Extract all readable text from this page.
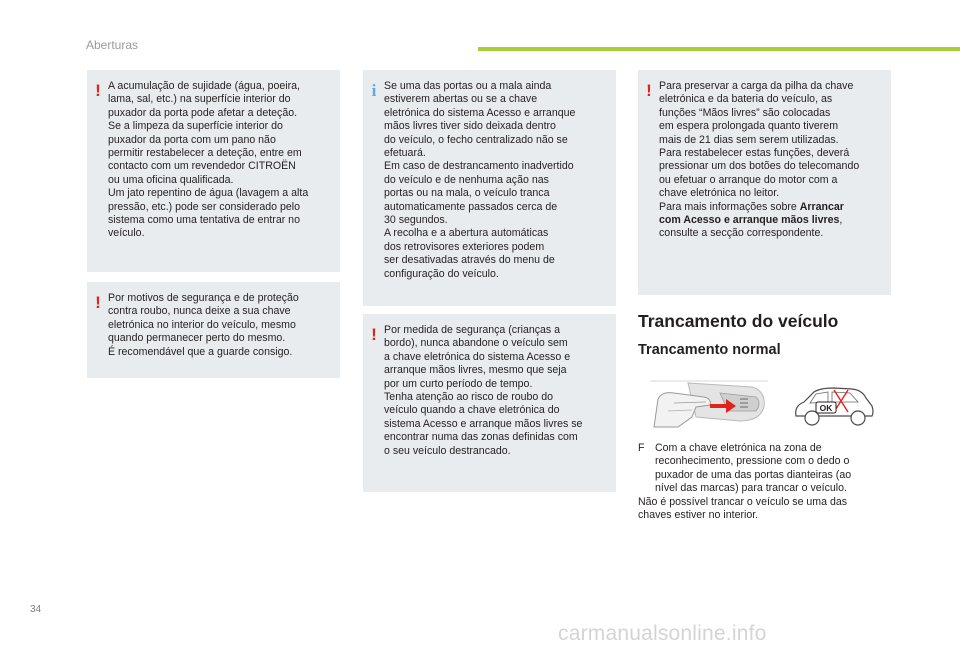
Aberturas
! A acumulação de sujidade (água, poeira,
lama, sal, etc.) na superfície interior do
puxador da porta pode afetar a deteção.
Se a limpeza da superfície interior do
puxador da porta com um pano não
permitir restabelecer a deteção, entre em
contacto com um revendedor CITROËN
ou uma oficina qualificada.
Um jato repentino de água (lavagem a alta
pressão, etc.) pode ser considerado pelo
sistema como uma tentativa de entrar no
veículo.

! Por motivos de segurança e de proteção
contra roubo, nunca deixe a sua chave
eletrónica no interior do veículo, mesmo
quando permanecer perto do mesmo.
É recomendável que a guarde consigo.

i Se uma das portas ou a mala ainda
estiverem abertas ou se a chave
eletrónica do sistema Acesso e arranque
mãos livres tiver sido deixada dentro
do veículo, o fecho centralizado não se
efetuará.
Em caso de destrancamento inadvertido
do veículo e de nenhuma ação nas
portas ou na mala, o veículo tranca
automaticamente passados cerca de
30 segundos.
A recolha e a abertura automáticas
dos retrovisores exteriores podem
ser desativadas através do menu de
configuração do veículo.

! Por medida de segurança (crianças a
bordo), nunca abandone o veículo sem
a chave eletrónica do sistema Acesso e
arranque mãos livres, mesmo que seja
por um curto período de tempo.
Tenha atenção ao risco de roubo do
veículo quando a chave eletrónica do
sistema Acesso e arranque mãos livres se
encontrar numa das zonas definidas com
o seu veículo destrancado.

! Para preservar a carga da pilha da chave
eletrónica e da bateria do veículo, as
funções “Mãos livres” são colocadas
em espera prolongada quanto tiverem
mais de 21 dias sem serem utilizadas.
Para restabelecer estas funções, deverá
pressionar um dos botões do telecomando
ou efetuar o arranque do motor com a
chave eletrónica no leitor.
Para mais informações sobre Arrancar
com Acesso e arranque mãos livres,
consulte a secção correspondente.

Trancamento do veículo
Trancamento normal
OK
F Com a chave eletrónica na zona de
reconhecimento, pressione com o dedo o
puxador de uma das portas dianteiras (ao
nível das marcas) para trancar o veículo.

Não é possível trancar o veículo se uma das
chaves estiver no interior.

34
carmanualsonline.info
